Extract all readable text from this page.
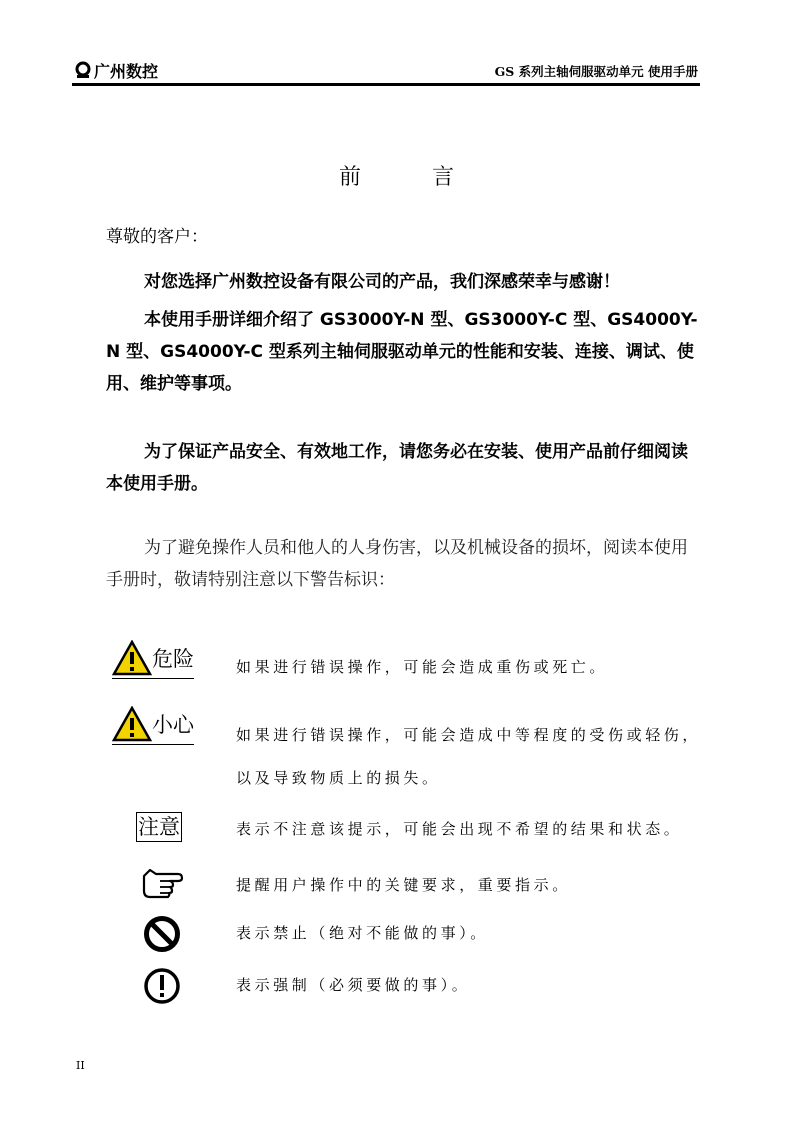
广州数控	GS 系列主轴伺服驱动单元 使用手册
前 言
尊敬的客户：
对您选择广州数控设备有限公司的产品，我们深感荣幸与感谢！
本使用手册详细介绍了 GS3000Y-N 型、GS3000Y-C 型、GS4000Y-N 型、GS4000Y-C 型系列主轴伺服驱动单元的性能和安装、连接、调试、使用、维护等事项。
为了保证产品安全、有效地工作，请您务必在安装、使用产品前仔细阅读本使用手册。
为了避免操作人员和他人的人身伤害，以及机械设备的损坏，阅读本使用手册时，敬请特别注意以下警告标识：
危险	如果进行错误操作，可能会造成重伤或死亡。
小心	如果进行错误操作，可能会造成中等程度的受伤或轻伤，
以及导致物质上的损失。
注意	表示不注意该提示，可能会出现不希望的结果和状态。
提醒用户操作中的关键要求，重要指示。
表示禁止（绝对不能做的事）。
表示强制（必须要做的事）。
II
